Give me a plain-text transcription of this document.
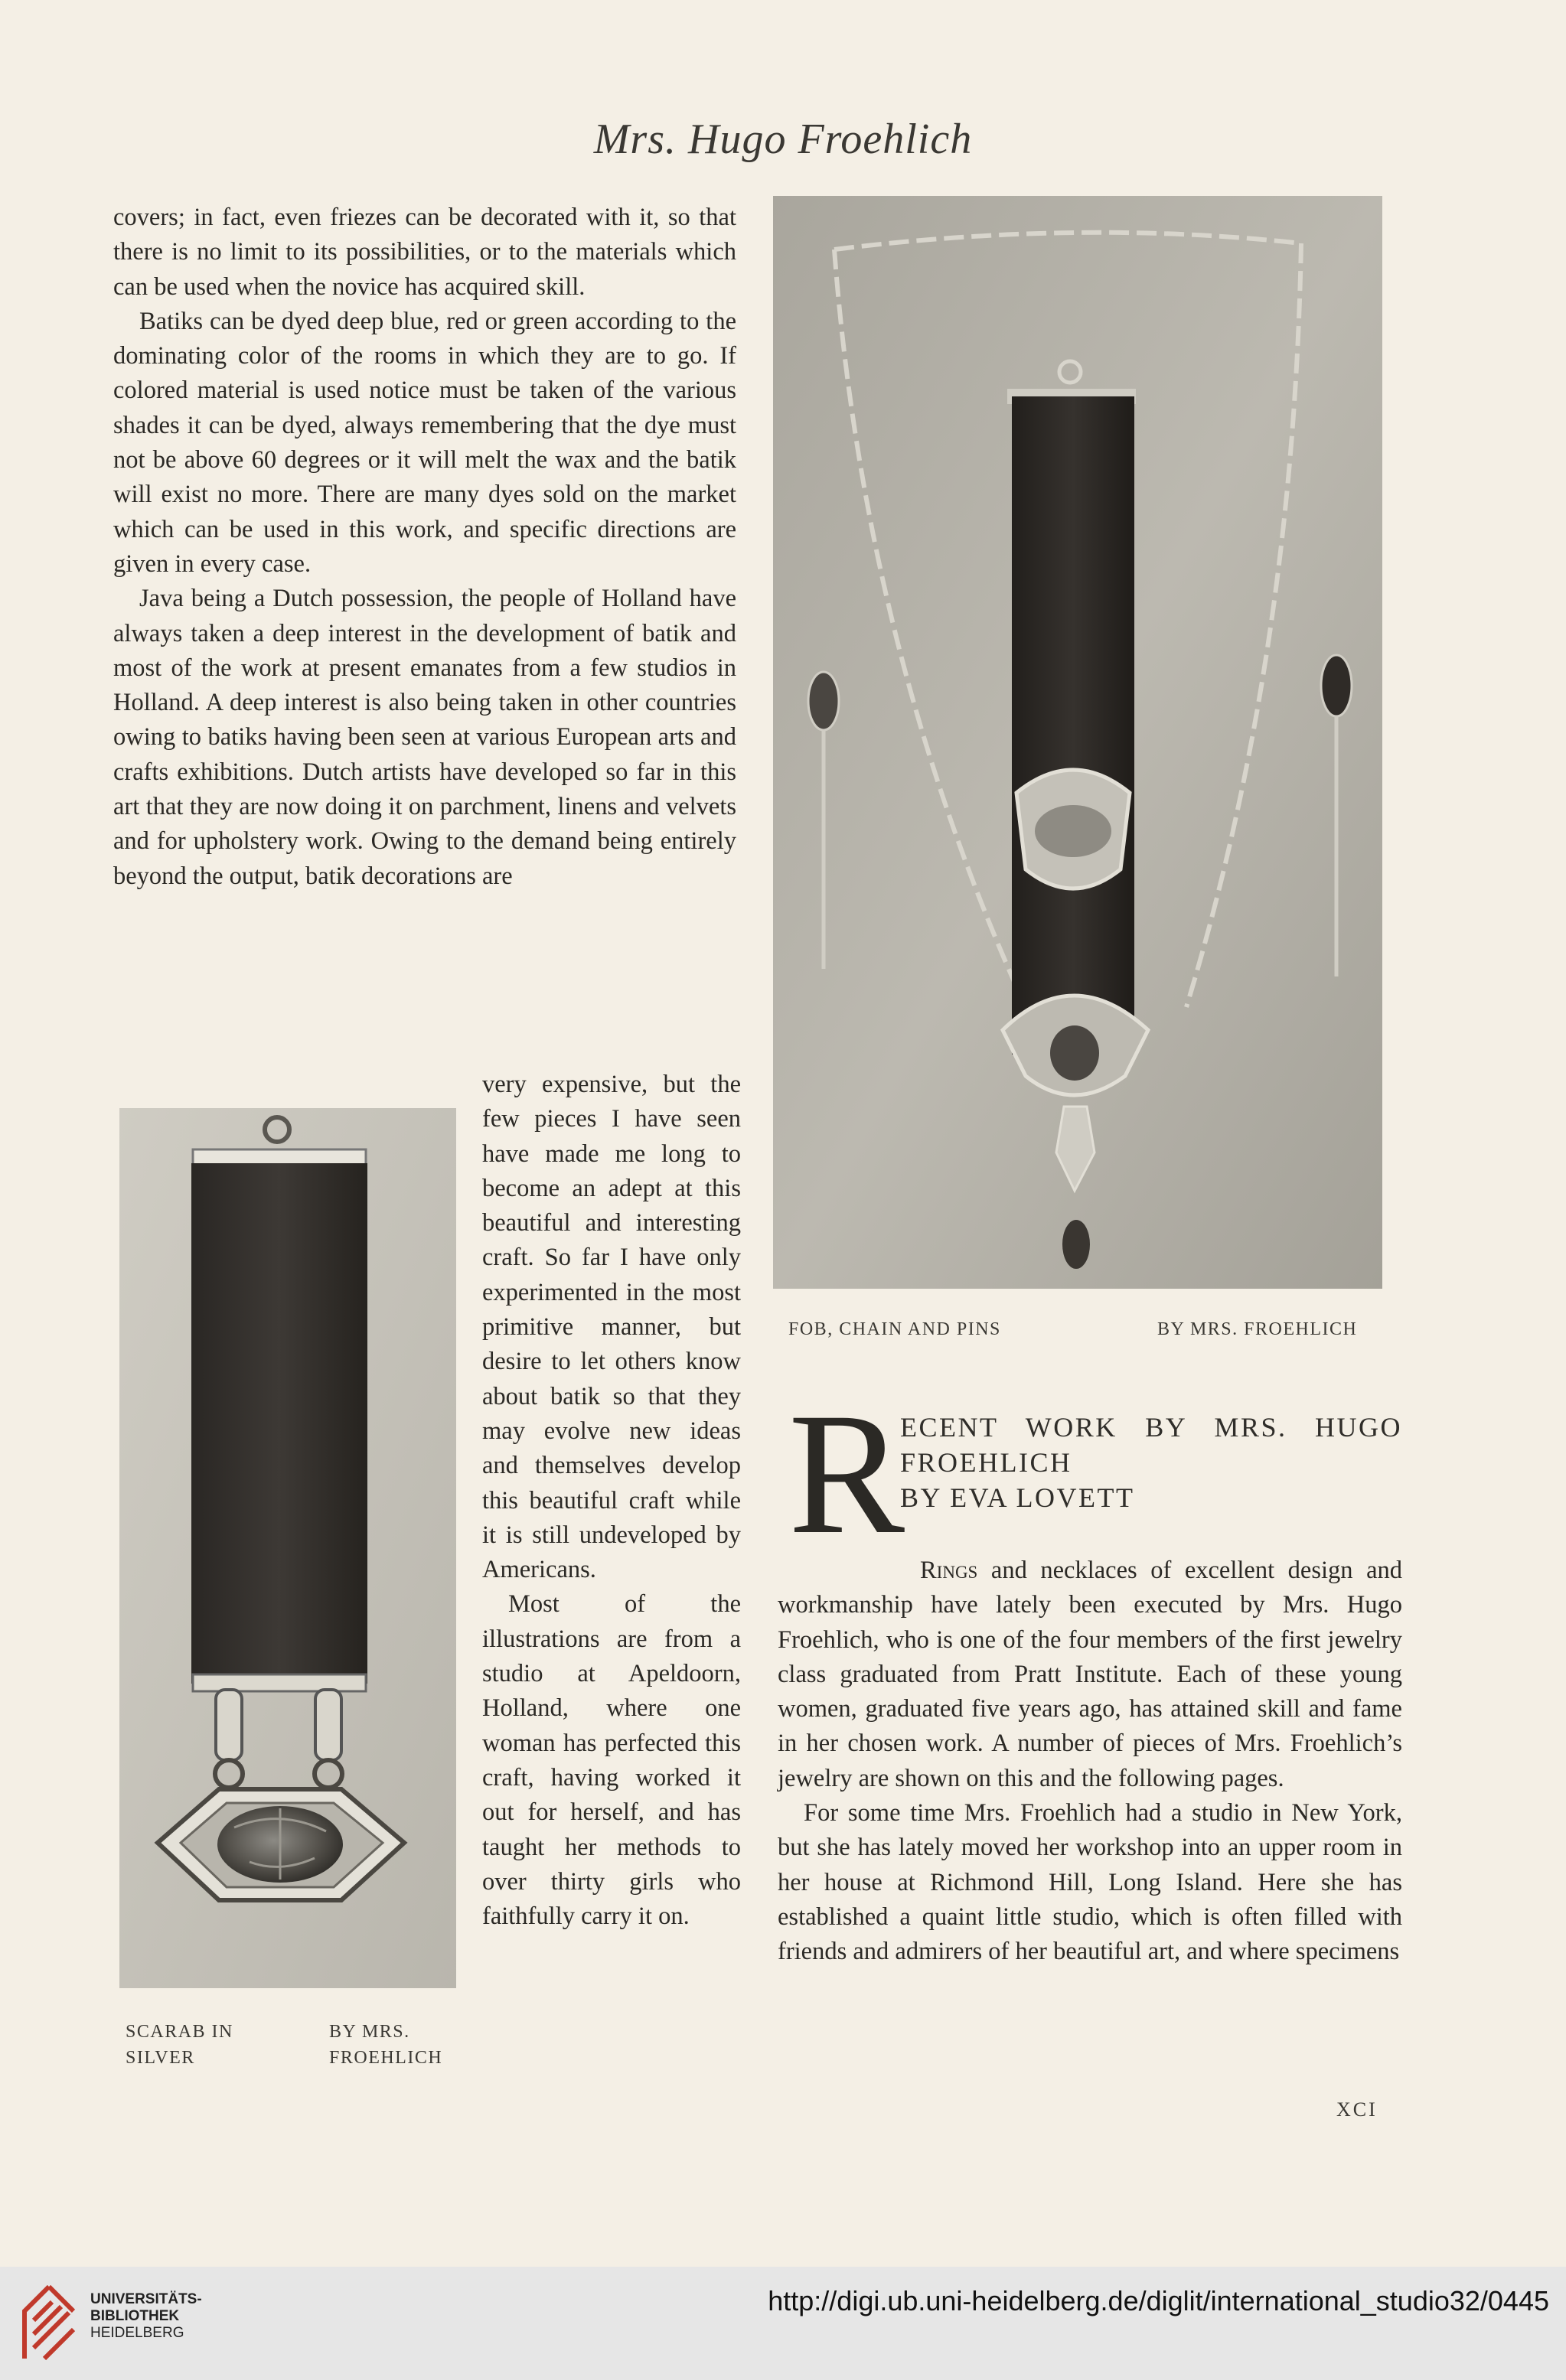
Mrs. Hugo Froehlich

covers; in fact, even friezes can be decorated with it, so that there is no limit to its possibilities, or to the materials which can be used when the novice has acquired skill.

Batiks can be dyed deep blue, red or green according to the dominating color of the rooms in which they are to go. If colored material is used notice must be taken of the various shades it can be dyed, always remembering that the dye must not be above 60 degrees or it will melt the wax and the batik will exist no more. There are many dyes sold on the market which can be used in this work, and specific directions are given in every case.

Java being a Dutch possession, the people of Holland have always taken a deep interest in the development of batik and most of the work at present emanates from a few studios in Holland. A deep interest is also being taken in other countries owing to batiks having been seen at various European arts and crafts exhibitions. Dutch artists have developed so far in this art that they are now doing it on parchment, linens and velvets and for upholstery work. Owing to the demand being entirely beyond the output, batik decorations are

SCARAB IN
SILVER
BY MRS.
FROEHLICH

very expensive, but the few pieces I have seen have made me long to become an adept at this beautiful and interesting craft. So far I have only experimented in the most primitive manner, but desire to let others know about batik so that they may evolve new ideas and themselves develop this beautiful craft while it is still undeveloped by Americans.

Most of the illustrations are from a studio at Apeldoorn, Holland, where one woman has perfected this craft, having worked it out for herself, and has taught her methods to over thirty girls who faithfully carry it on.

FOB, CHAIN AND PINS	BY MRS. FROEHLICH
R
ECENT WORK BY MRS. HUGO
FROEHLICH
BY EVA LOVETT

Rings and necklaces of excellent design and workmanship have lately been executed by Mrs. Hugo Froehlich, who is one of the four members of the first jewelry class graduated from Pratt Institute. Each of these young women, graduated five years ago, has attained skill and fame in her chosen work. A number of pieces of Mrs. Froehlich’s jewelry are shown on this and the following pages.

For some time Mrs. Froehlich had a studio in New York, but she has lately moved her workshop into an upper room in her house at Richmond Hill, Long Island. Here she has established a quaint little studio, which is often filled with friends and admirers of her beautiful art, and where specimens

XCI
UNIVERSITÄTS-
BIBLIOTHEK
HEIDELBERG
http://digi.ub.uni-heidelberg.de/diglit/international_studio32/0445
